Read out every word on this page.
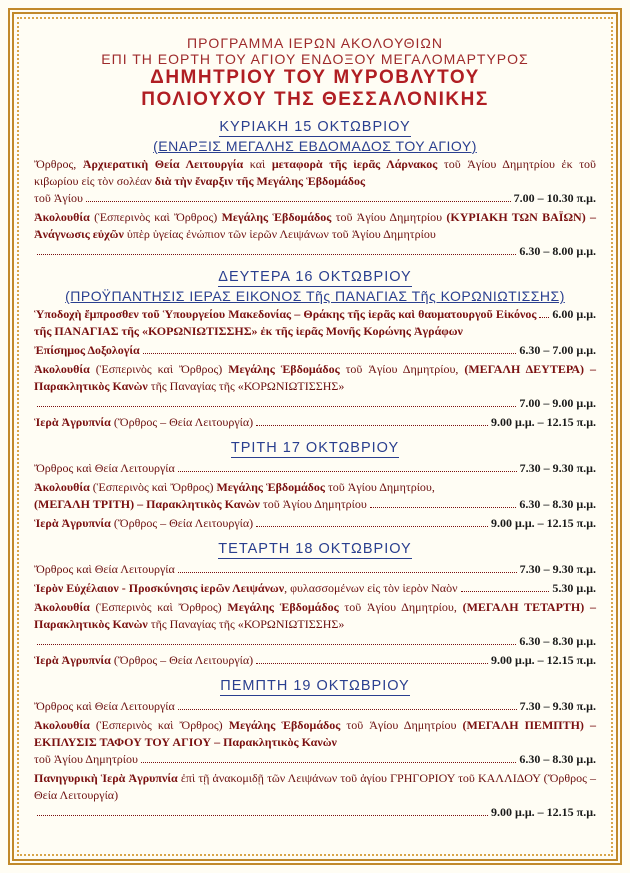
ΠΡΟΓΡΑΜΜΑ ΙΕΡΩΝ ΑΚΟΛΟΥΘΙΩΝ
ΕΠΙ ΤΗ ΕΟΡΤΗ ΤΟΥ ΑΓΙΟΥ ΕΝΔΟΞΟΥ ΜΕΓΑΛΟΜΑΡΤΥΡΟΣ
ΔΗΜΗΤΡΙΟΥ ΤΟΥ ΜΥΡΟΒΛΥΤΟΥ
ΠΟΛΙΟΥΧΟΥ ΤΗΣ ΘΕΣΣΑΛΟΝΙΚΗΣ
ΚΥΡΙΑΚΗ 15 ΟΚΤΩΒΡΙΟΥ
(ΕΝΑΡΞΙΣ ΜΕΓΑΛΗΣ ΕΒΔΟΜΑΔΟΣ ΤΟΥ ΑΓΙΟΥ)
Ὄρθρος, Ἀρχιερατικὴ Θεία Λειτουργία καὶ μεταφορὰ τῆς ἱερᾶς Λάρνακος τοῦ Ἁγίου Δημητρίου ἐκ τοῦ κιβωρίου εἰς τὸν σολέαν διὰ τὴν ἔναρξιν τῆς Μεγάλης Ἑβδομάδος
τοῦ Ἁγίου	7.00 – 10.30 π.μ.
Ἀκολουθία (Ἑσπερινὸς καὶ Ὄρθρος) Μεγάλης Ἑβδομάδος τοῦ Ἁγίου Δημητρίου (ΚΥΡΙΑΚΗ ΤΩΝ ΒΑΪΩΝ) – Ἀνάγνωσις εὐχῶν ὑπὲρ ὑγείας ἐνώπιον τῶν ἱερῶν Λειψάνων τοῦ Ἁγίου Δημητρίου
6.30 – 8.00 μ.μ.
ΔΕΥΤΕΡΑ 16 ΟΚΤΩΒΡΙΟΥ
(ΠΡΟΫΠΑΝΤΗΣΙΣ ΙΕΡΑΣ ΕΙΚΟΝΟΣ Τῆς ΠΑΝΑΓΙΑΣ Τῆς ΚΟΡΩΝΙΩΤΙΣΣΗΣ)
Ὑποδοχὴ ἔμπροσθεν τοῦ Ὑπουργείου Μακεδονίας – Θράκης τῆς ἱερᾶς καὶ θαυματουργοῦ Εἰκόνος τῆς ΠΑΝΑΓΙΑΣ τῆς «ΚΟΡΩΝΙΩΤΙΣΣΗΣ» ἐκ τῆς ἱερᾶς Μονῆς Κορώνης Ἀγράφων
6.00 μ.μ.
Ἐπίσημος Δοξολογία	6.30 – 7.00 μ.μ.
Ἀκολουθία (Ἑσπερινὸς καὶ Ὄρθρος) Μεγάλης Ἑβδομάδος τοῦ Ἁγίου Δημητρίου, (ΜΕΓΑΛΗ ΔΕΥΤΕΡΑ) – Παρακλητικὸς Κανὼν τῆς Παναγίας τῆς «ΚΟΡΩΝΙΩΤΙΣΣΗΣ»
7.00 – 9.00 μ.μ.
Ἱερὰ Ἀγρυπνία (Ὄρθρος – Θεία Λειτουργία)	9.00 μ.μ. – 12.15 π.μ.
ΤΡΙΤΗ 17 ΟΚΤΩΒΡΙΟΥ
Ὄρθρος καὶ Θεία Λειτουργία	7.30 – 9.30 π.μ.
Ἀκολουθία (Ἑσπερινὸς καὶ Ὄρθρος) Μεγάλης Ἑβδομάδος τοῦ Ἁγίου Δημητρίου,
(ΜΕΓΑΛΗ ΤΡΙΤΗ) – Παρακλητικὸς Κανὼν τοῦ Ἁγίου Δημητρίου	6.30 – 8.30 μ.μ.
Ἱερὰ Ἀγρυπνία (Ὄρθρος – Θεία Λειτουργία)	9.00 μ.μ. – 12.15 π.μ.
ΤΕΤΑΡΤΗ 18 ΟΚΤΩΒΡΙΟΥ
Ὄρθρος καὶ Θεία Λειτουργία	7.30 – 9.30 π.μ.
Ἱερὸν Εὐχέλαιον - Προσκύνησις ἱερῶν Λειψάνων, φυλασσομένων εἰς τὸν ἱερὸν Ναὸν	5.30 μ.μ.
Ἀκολουθία (Ἑσπερινὸς καὶ Ὄρθρος) Μεγάλης Ἑβδομάδος τοῦ Ἁγίου Δημητρίου, (ΜΕΓΑΛΗ ΤΕΤΑΡΤΗ) – Παρακλητικὸς Κανὼν τῆς Παναγίας τῆς «ΚΟΡΩΝΙΩΤΙΣΣΗΣ»
6.30 – 8.30 μ.μ.
Ἱερὰ Ἀγρυπνία (Ὄρθρος – Θεία Λειτουργία)	9.00 μ.μ. – 12.15 π.μ.
ΠΕΜΠΤΗ 19 ΟΚΤΩΒΡΙΟΥ
Ὄρθρος καὶ Θεία Λειτουργία	7.30 – 9.30 π.μ.
Ἀκολουθία (Ἑσπερινὸς καὶ Ὄρθρος) Μεγάλης Ἑβδομάδος τοῦ Ἁγίου Δημητρίου (ΜΕΓΑΛΗ ΠΕΜΠΤΗ) – ΕΚΠΛΥΣΙΣ ΤΑΦΟΥ ΤΟΥ ΑΓΙΟΥ – Παρακλητικὸς Κανὼν
τοῦ Ἁγίου Δημητρίου	6.30 – 8.30 μ.μ.
Πανηγυρικὴ Ἱερὰ Ἀγρυπνία ἐπὶ τῇ ἀνακομιδῇ τῶν Λειψάνων τοῦ ἁγίου ΓΡΗΓΟΡΙΟΥ τοῦ ΚΑΛΛΙΔΟΥ (Ὄρθρος – Θεία Λειτουργία)
9.00 μ.μ. – 12.15 π.μ.
